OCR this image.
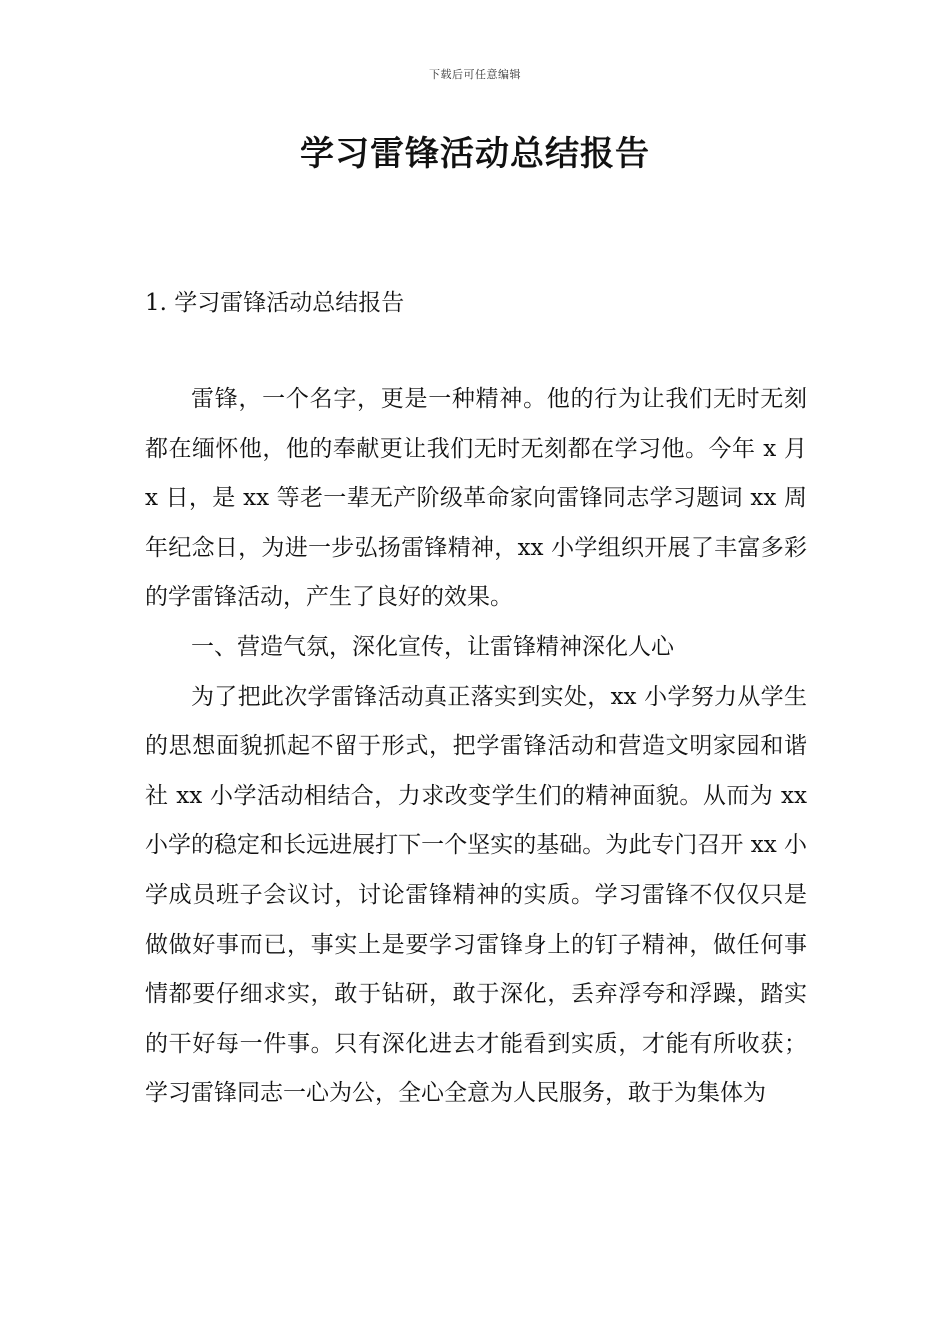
下载后可任意编辑
学习雷锋活动总结报告
1. 学习雷锋活动总结报告

雷锋，一个名字，更是一种精神。他的行为让我们无时无刻都在缅怀他，他的奉献更让我们无时无刻都在学习他。今年 x 月 x 日，是 xx 等老一辈无产阶级革命家向雷锋同志学习题词 xx 周年纪念日，为进一步弘扬雷锋精神，xx 小学组织开展了丰富多彩的学雷锋活动，产生了良好的效果。

一、营造气氛，深化宣传，让雷锋精神深化人心

为了把此次学雷锋活动真正落实到实处，xx 小学努力从学生的思想面貌抓起不留于形式，把学雷锋活动和营造文明家园和谐社 xx 小学活动相结合，力求改变学生们的精神面貌。从而为 xx 小学的稳定和长远进展打下一个坚实的基础。为此专门召开 xx 小学成员班子会议讨，讨论雷锋精神的实质。学习雷锋不仅仅只是做做好事而已，事实上是要学习雷锋身上的钉子精神，做任何事情都要仔细求实，敢于钻研，敢于深化，丢弃浮夸和浮躁，踏实的干好每一件事。只有深化进去才能看到实质，才能有所收获；学习雷锋同志一心为公，全心全意为人民服务，敢于为集体为
